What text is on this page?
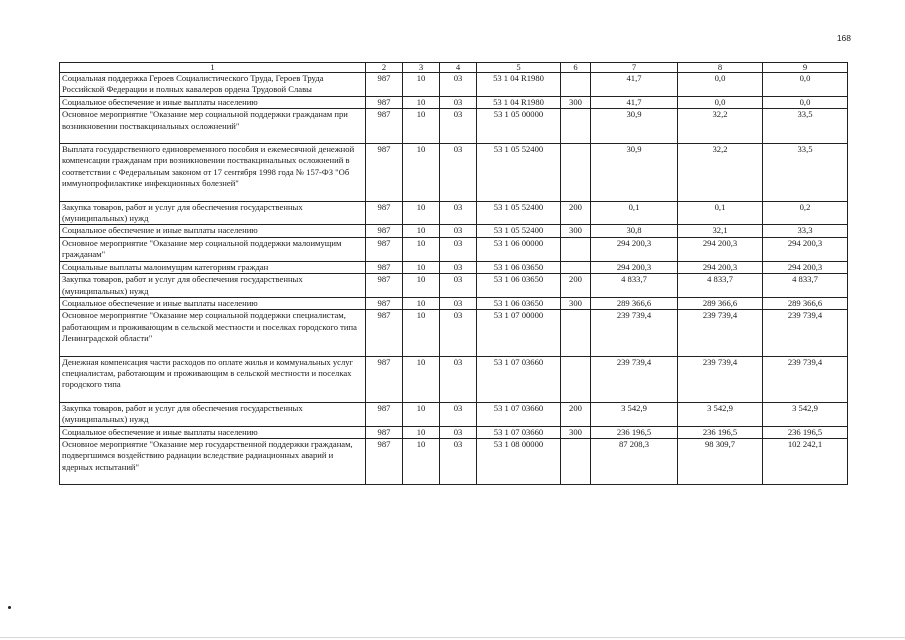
168
1	2	3	4	5	6	7	8	9
Социальная поддержка Героев Социалистического Труда, Героев Труда Российской Федерации и полных кавалеров ордена Трудовой Славы	987	10	03	53 1 04 R1980		41,7	0,0	0,0
Социальное обеспечение и иные выплаты населению	987	10	03	53 1 04 R1980	300	41,7	0,0	0,0
Основное мероприятие "Оказание мер социальной поддержки гражданам при возникновении поствакцинальных осложнений"	987	10	03	53 1 05 00000		30,9	32,2	33,5
Выплата государственного единовременного пособия и ежемесячной денежной компенсации гражданам при возникновении поствакцинальных осложнений в соответствии с Федеральным законом от 17 сентября 1998 года № 157-ФЗ "Об иммунопрофилактике инфекционных болезней"	987	10	03	53 1 05 52400		30,9	32,2	33,5
Закупка товаров, работ и услуг для обеспечения государственных (муниципальных) нужд	987	10	03	53 1 05 52400	200	0,1	0,1	0,2
Социальное обеспечение и иные выплаты населению	987	10	03	53 1 05 52400	300	30,8	32,1	33,3
Основное мероприятие "Оказание мер социальной поддержки малоимущим гражданам"	987	10	03	53 1 06 00000		294 200,3	294 200,3	294 200,3
Социальные выплаты малоимущим категориям граждан	987	10	03	53 1 06 03650		294 200,3	294 200,3	294 200,3
Закупка товаров, работ и услуг для обеспечения государственных (муниципальных) нужд	987	10	03	53 1 06 03650	200	4 833,7	4 833,7	4 833,7
Социальное обеспечение и иные выплаты населению	987	10	03	53 1 06 03650	300	289 366,6	289 366,6	289 366,6
Основное мероприятие "Оказание мер социальной поддержки специалистам, работающим и проживающим в сельской местности и поселках городского типа Ленинградской области"	987	10	03	53 1 07 00000		239 739,4	239 739,4	239 739,4
Денежная компенсация части расходов по оплате жилья и коммунальных услуг специалистам, работающим и проживающим в сельской местности и поселках городского типа	987	10	03	53 1 07 03660		239 739,4	239 739,4	239 739,4
Закупка товаров, работ и услуг для обеспечения государственных (муниципальных) нужд	987	10	03	53 1 07 03660	200	3 542,9	3 542,9	3 542,9
Социальное обеспечение и иные выплаты населению	987	10	03	53 1 07 03660	300	236 196,5	236 196,5	236 196,5
Основное мероприятие "Оказание мер государственной поддержки гражданам, подвергшимся воздействию радиации вследствие радиационных аварий и ядерных испытаний"	987	10	03	53 1 08 00000		87 208,3	98 309,7	102 242,1
